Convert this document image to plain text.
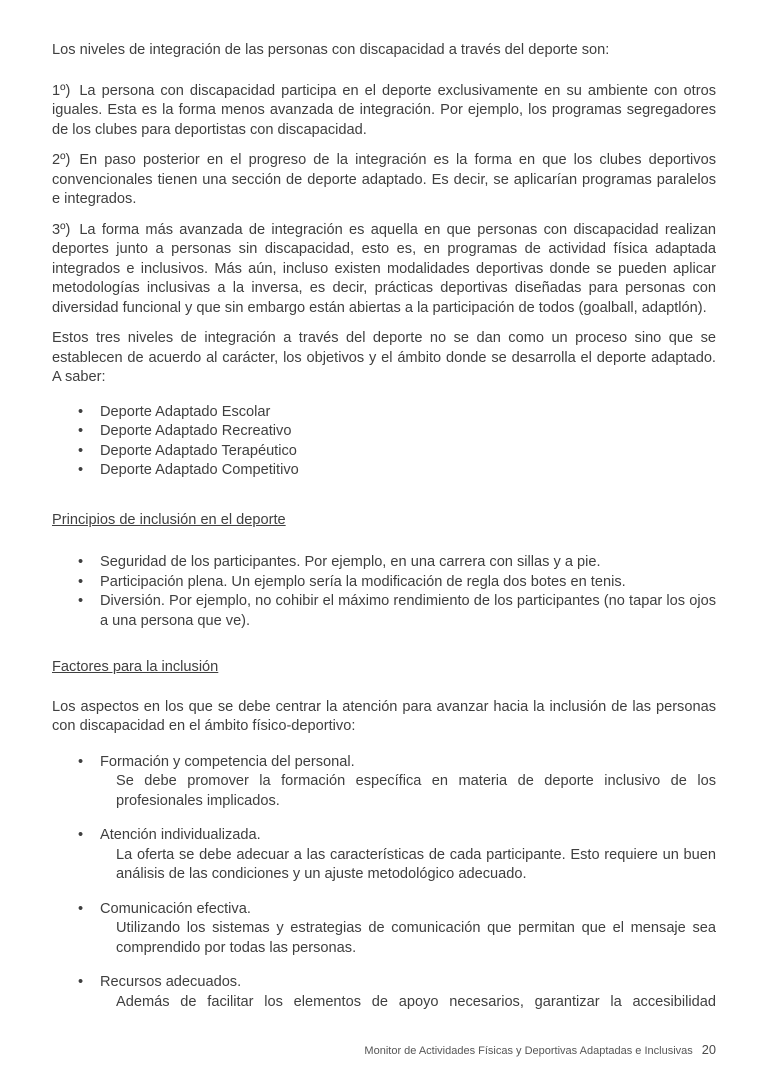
Los niveles de integración de las personas con discapacidad a través del deporte son:

1º) La persona con discapacidad participa en el deporte exclusivamente en su ambiente con otros iguales. Esta es la forma menos avanzada de integración. Por ejemplo, los programas segregadores de los clubes para deportistas con discapacidad.

2º) En paso posterior en el progreso de la integración es la forma en que los clubes deportivos convencionales tienen una sección de deporte adaptado. Es decir, se aplicarían programas paralelos e integrados.

3º) La forma más avanzada de integración es aquella en que personas con discapacidad realizan deportes junto a personas sin discapacidad, esto es, en programas de actividad física adaptada integrados e inclusivos. Más aún, incluso existen modalidades deportivas donde se pueden aplicar metodologías inclusivas a la inversa, es decir, prácticas deportivas diseñadas para personas con diversidad funcional y que sin embargo están abiertas a la participación de todos (goalball, adaptlón).

Estos tres niveles de integración a través del deporte no se dan como un proceso sino que se establecen de acuerdo al carácter, los objetivos y el ámbito donde se desarrolla el deporte adaptado. A saber:

•	Deporte Adaptado Escolar
•	Deporte Adaptado Recreativo
•	Deporte Adaptado Terapéutico
•	Deporte Adaptado Competitivo
Principios de inclusión en el deporte
•	Seguridad de los participantes. Por ejemplo, en una carrera con sillas y a pie.
•	Participación plena. Un ejemplo sería la modificación de regla dos botes en tenis.
•	Diversión. Por ejemplo, no cohibir el máximo rendimiento de los participantes (no tapar los ojos a una persona que ve).
Factores para la inclusión

Los aspectos en los que se debe centrar la atención para avanzar hacia la inclusión de las personas con discapacidad en el ámbito físico-deportivo:

•	Formación y competencia del personal.
Se debe promover la formación específica en materia de deporte inclusivo de los profesionales implicados.
•	Atención individualizada.
La oferta se debe adecuar a las características de cada participante. Esto requiere un buen análisis de las condiciones y un ajuste metodológico adecuado.
•	Comunicación efectiva.
Utilizando los sistemas y estrategias de comunicación que permitan que el mensaje sea comprendido por todas las personas.
•	Recursos adecuados.
Además de facilitar los elementos de apoyo necesarios, garantizar la accesibilidad
Monitor de Actividades Físicas y Deportivas Adaptadas e Inclusivas 20
